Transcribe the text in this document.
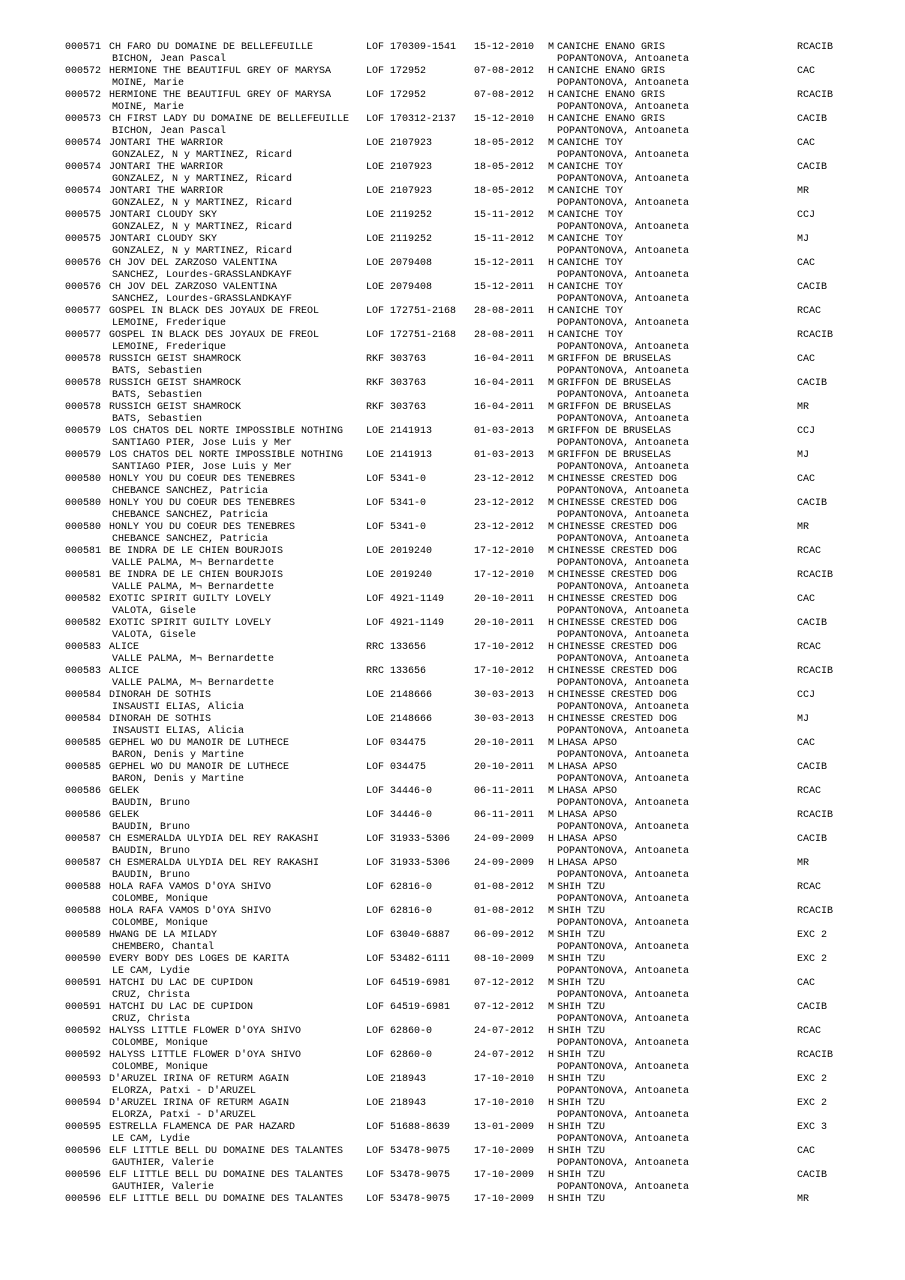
000571 CH FARO DU DOMAINE DE BELLEFEUILLE	LOF 170309-1541 15-12-2010 M CANICHE ENANO GRIS	RCACIB
BICHON, Jean Pascal	POPANTONOVA, Antoaneta
000572 HERMIONE THE BEAUTIFUL GREY OF MARYSA	LOF 172952	07-08-2012 H CANICHE ENANO GRIS	CAC
MOINE, Marie	POPANTONOVA, Antoaneta
000572 HERMIONE THE BEAUTIFUL GREY OF MARYSA	LOF 172952	07-08-2012 H CANICHE ENANO GRIS	RCACIB
MOINE, Marie	POPANTONOVA, Antoaneta
000573 CH FIRST LADY DU DOMAINE DE BELLEFEUILLE LOF 170312-2137 15-12-2010 H CANICHE ENANO GRIS	CACIB
BICHON, Jean Pascal	POPANTONOVA, Antoaneta
000574 JONTARI THE WARRIOR	LOE 2107923	18-05-2012 M CANICHE TOY	CAC
GONZALEZ, N y MARTINEZ, Ricard	POPANTONOVA, Antoaneta
000574 JONTARI THE WARRIOR	LOE 2107923	18-05-2012 M CANICHE TOY	CACIB
GONZALEZ, N y MARTINEZ, Ricard	POPANTONOVA, Antoaneta
000574 JONTARI THE WARRIOR	LOE 2107923	18-05-2012 M CANICHE TOY	MR
GONZALEZ, N y MARTINEZ, Ricard	POPANTONOVA, Antoaneta
000575 JONTARI CLOUDY SKY	LOE 2119252	15-11-2012 M CANICHE TOY	CCJ
GONZALEZ, N y MARTINEZ, Ricard	POPANTONOVA, Antoaneta
000575 JONTARI CLOUDY SKY	LOE 2119252	15-11-2012 M CANICHE TOY	MJ
GONZALEZ, N y MARTINEZ, Ricard	POPANTONOVA, Antoaneta
000576 CH JOV DEL ZARZOSO VALENTINA	LOE 2079408	15-12-2011 H CANICHE TOY	CAC
SANCHEZ, Lourdes-GRASSLANDKAYF	POPANTONOVA, Antoaneta
000576 CH JOV DEL ZARZOSO VALENTINA	LOE 2079408	15-12-2011 H CANICHE TOY	CACIB
SANCHEZ, Lourdes-GRASSLANDKAYF	POPANTONOVA, Antoaneta
000577 GOSPEL IN BLACK DES JOYAUX DE FREOL	LOF 172751-2168 28-08-2011 H CANICHE TOY	RCAC
LEMOINE, Frederique	POPANTONOVA, Antoaneta
000577 GOSPEL IN BLACK DES JOYAUX DE FREOL	LOF 172751-2168 28-08-2011 H CANICHE TOY	RCACIB
LEMOINE, Frederique	POPANTONOVA, Antoaneta
000578 RUSSICH GEIST SHAMROCK	RKF 303763	16-04-2011 M GRIFFON DE BRUSELAS	CAC
BATS, Sebastien	POPANTONOVA, Antoaneta
000578 RUSSICH GEIST SHAMROCK	RKF 303763	16-04-2011 M GRIFFON DE BRUSELAS	CACIB
BATS, Sebastien	POPANTONOVA, Antoaneta
000578 RUSSICH GEIST SHAMROCK	RKF 303763	16-04-2011 M GRIFFON DE BRUSELAS	MR
BATS, Sebastien	POPANTONOVA, Antoaneta
000579 LOS CHATOS DEL NORTE IMPOSSIBLE NOTHING LOE 2141913	01-03-2013 M GRIFFON DE BRUSELAS	CCJ
SANTIAGO PIER, Jose Luis y Mer	POPANTONOVA, Antoaneta
000579 LOS CHATOS DEL NORTE IMPOSSIBLE NOTHING LOE 2141913	01-03-2013 M GRIFFON DE BRUSELAS	MJ
SANTIAGO PIER, Jose Luis y Mer	POPANTONOVA, Antoaneta
000580 HONLY YOU DU COEUR DES TENEBRES	LOF 5341-0	23-12-2012 M CHINESSE CRESTED DOG	CAC
CHEBANCE SANCHEZ, Patricia	POPANTONOVA, Antoaneta
000580 HONLY YOU DU COEUR DES TENEBRES	LOF 5341-0	23-12-2012 M CHINESSE CRESTED DOG	CACIB
CHEBANCE SANCHEZ, Patricia	POPANTONOVA, Antoaneta
000580 HONLY YOU DU COEUR DES TENEBRES	LOF 5341-0	23-12-2012 M CHINESSE CRESTED DOG	MR
CHEBANCE SANCHEZ, Patricia	POPANTONOVA, Antoaneta
000581 BE INDRA DE LE CHIEN BOURJOIS	LOE 2019240	17-12-2010 M CHINESSE CRESTED DOG	RCAC
VALLE PALMA, M¬ Bernardette	POPANTONOVA, Antoaneta
000581 BE INDRA DE LE CHIEN BOURJOIS	LOE 2019240	17-12-2010 M CHINESSE CRESTED DOG	RCACIB
VALLE PALMA, M¬ Bernardette	POPANTONOVA, Antoaneta
000582 EXOTIC SPIRIT GUILTY LOVELY	LOF 4921-1149	20-10-2011 H CHINESSE CRESTED DOG	CAC
VALOTA, Gisele	POPANTONOVA, Antoaneta
000582 EXOTIC SPIRIT GUILTY LOVELY	LOF 4921-1149	20-10-2011 H CHINESSE CRESTED DOG	CACIB
VALOTA, Gisele	POPANTONOVA, Antoaneta
000583 ALICE	RRC 133656	17-10-2012 H CHINESSE CRESTED DOG	RCAC
VALLE PALMA, M¬ Bernardette	POPANTONOVA, Antoaneta
000583 ALICE	RRC 133656	17-10-2012 H CHINESSE CRESTED DOG	RCACIB
VALLE PALMA, M¬ Bernardette	POPANTONOVA, Antoaneta
000584 DINORAH DE SOTHIS	LOE 2148666	30-03-2013 H CHINESSE CRESTED DOG	CCJ
INSAUSTI ELIAS, Alicia	POPANTONOVA, Antoaneta
000584 DINORAH DE SOTHIS	LOE 2148666	30-03-2013 H CHINESSE CRESTED DOG	MJ
INSAUSTI ELIAS, Alicia	POPANTONOVA, Antoaneta
000585 GEPHEL WO DU MANOIR DE LUTHECE	LOF 034475	20-10-2011 M LHASA APSO	CAC
BARON, Denis y Martine	POPANTONOVA, Antoaneta
000585 GEPHEL WO DU MANOIR DE LUTHECE	LOF 034475	20-10-2011 M LHASA APSO	CACIB
BARON, Denis y Martine	POPANTONOVA, Antoaneta
000586 GELEK	LOF 34446-0	06-11-2011 M LHASA APSO	RCAC
BAUDIN, Bruno	POPANTONOVA, Antoaneta
000586 GELEK	LOF 34446-0	06-11-2011 M LHASA APSO	RCACIB
BAUDIN, Bruno	POPANTONOVA, Antoaneta
000587 CH ESMERALDA ULYDIA DEL REY RAKASHI	LOF 31933-5306 24-09-2009 H LHASA APSO	CACIB
BAUDIN, Bruno	POPANTONOVA, Antoaneta
000587 CH ESMERALDA ULYDIA DEL REY RAKASHI	LOF 31933-5306 24-09-2009 H LHASA APSO	MR
BAUDIN, Bruno	POPANTONOVA, Antoaneta
000588 HOLA RAFA VAMOS D'OYA SHIVO	LOF 62816-0	01-08-2012 M SHIH TZU	RCAC
COLOMBE, Monique	POPANTONOVA, Antoaneta
000588 HOLA RAFA VAMOS D'OYA SHIVO	LOF 62816-0	01-08-2012 M SHIH TZU	RCACIB
COLOMBE, Monique	POPANTONOVA, Antoaneta
000589 HWANG DE LA MILADY	LOF 63040-6887 06-09-2012 M SHIH TZU	EXC 2
CHEMBERO, Chantal	POPANTONOVA, Antoaneta
000590 EVERY BODY DES LOGES DE KARITA	LOF 53482-6111 08-10-2009 M SHIH TZU	EXC 2
LE CAM, Lydie	POPANTONOVA, Antoaneta
000591 HATCHI DU LAC DE CUPIDON	LOF 64519-6981 07-12-2012 M SHIH TZU	CAC
CRUZ, Christa	POPANTONOVA, Antoaneta
000591 HATCHI DU LAC DE CUPIDON	LOF 64519-6981 07-12-2012 M SHIH TZU	CACIB
CRUZ, Christa	POPANTONOVA, Antoaneta
000592 HALYSS LITTLE FLOWER D'OYA SHIVO	LOF 62860-0	24-07-2012 H SHIH TZU	RCAC
COLOMBE, Monique	POPANTONOVA, Antoaneta
000592 HALYSS LITTLE FLOWER D'OYA SHIVO	LOF 62860-0	24-07-2012 H SHIH TZU	RCACIB
COLOMBE, Monique	POPANTONOVA, Antoaneta
000593 D'ARUZEL IRINA OF RETURM AGAIN	LOE 218943	17-10-2010 H SHIH TZU	EXC 2
ELORZA, Patxi - D'ARUZEL	POPANTONOVA, Antoaneta
000594 D'ARUZEL IRINA OF RETURM AGAIN	LOE 218943	17-10-2010 H SHIH TZU	EXC 2
ELORZA, Patxi - D'ARUZEL	POPANTONOVA, Antoaneta
000595 ESTRELLA FLAMENCA DE PAR HAZARD	LOF 51688-8639 13-01-2009 H SHIH TZU	EXC 3
LE CAM, Lydie	POPANTONOVA, Antoaneta
000596 ELF LITTLE BELL DU DOMAINE DES TALANTES LOF 53478-9075 17-10-2009 H SHIH TZU	CAC
GAUTHIER, Valerie	POPANTONOVA, Antoaneta
000596 ELF LITTLE BELL DU DOMAINE DES TALANTES LOF 53478-9075 17-10-2009 H SHIH TZU	CACIB
GAUTHIER, Valerie	POPANTONOVA, Antoaneta
000596 ELF LITTLE BELL DU DOMAINE DES TALANTES LOF 53478-9075 17-10-2009 H SHIH TZU	MR
